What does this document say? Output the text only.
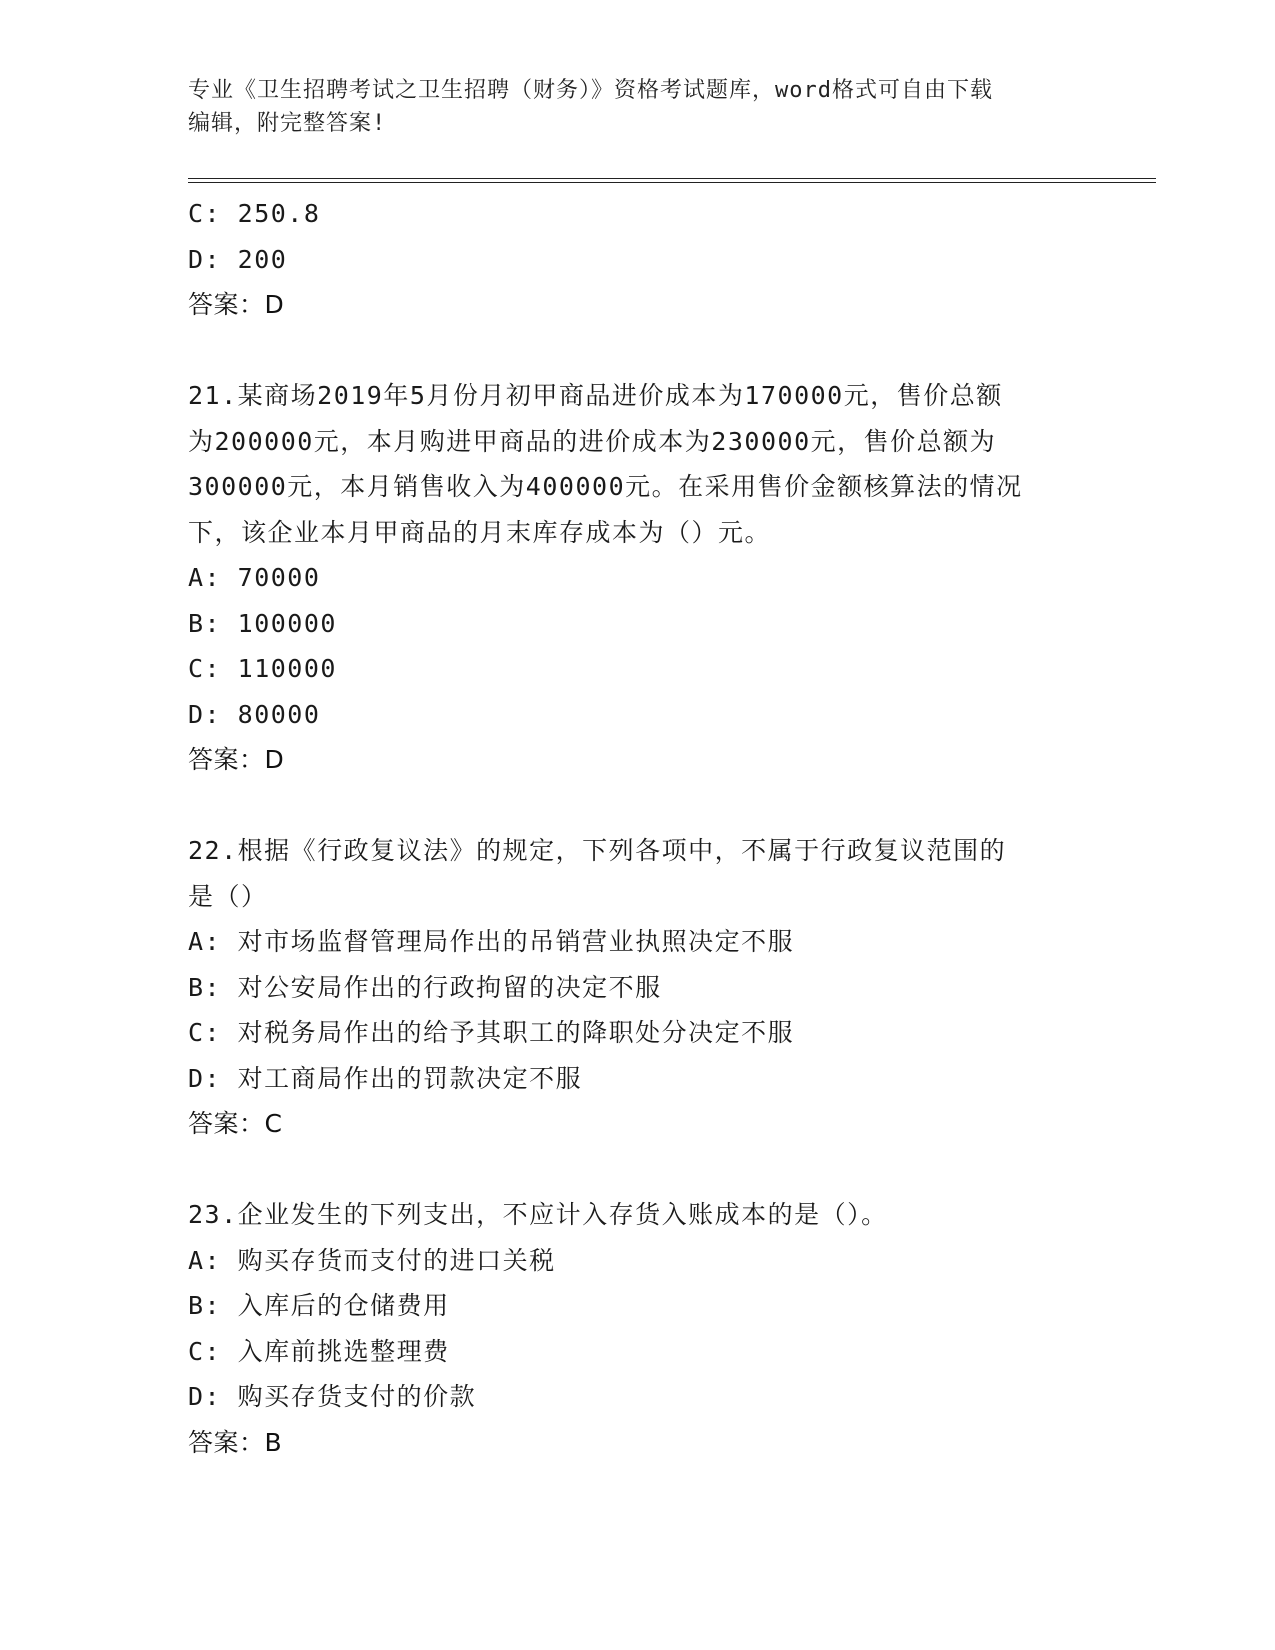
专业《卫生招聘考试之卫生招聘（财务）》资格考试题库，word格式可自由下载
编辑，附完整答案!
C: 250.8
D: 200
答案：D
21.某商场2019年5月份月初甲商品进价成本为170000元，售价总额
为200000元，本月购进甲商品的进价成本为230000元，售价总额为
300000元，本月销售收入为400000元。在采用售价金额核算法的情况
下，该企业本月甲商品的月末库存成本为（）元。
A: 70000
B: 100000
C: 110000
D: 80000
答案：D
22.根据《行政复议法》的规定，下列各项中，不属于行政复议范围的
是（）
A: 对市场监督管理局作出的吊销营业执照决定不服
B: 对公安局作出的行政拘留的决定不服
C: 对税务局作出的给予其职工的降职处分决定不服
D: 对工商局作出的罚款决定不服
答案：C
23.企业发生的下列支出，不应计入存货入账成本的是（）。
A: 购买存货而支付的进口关税
B: 入库后的仓储费用
C: 入库前挑选整理费
D: 购买存货支付的价款
答案：B
